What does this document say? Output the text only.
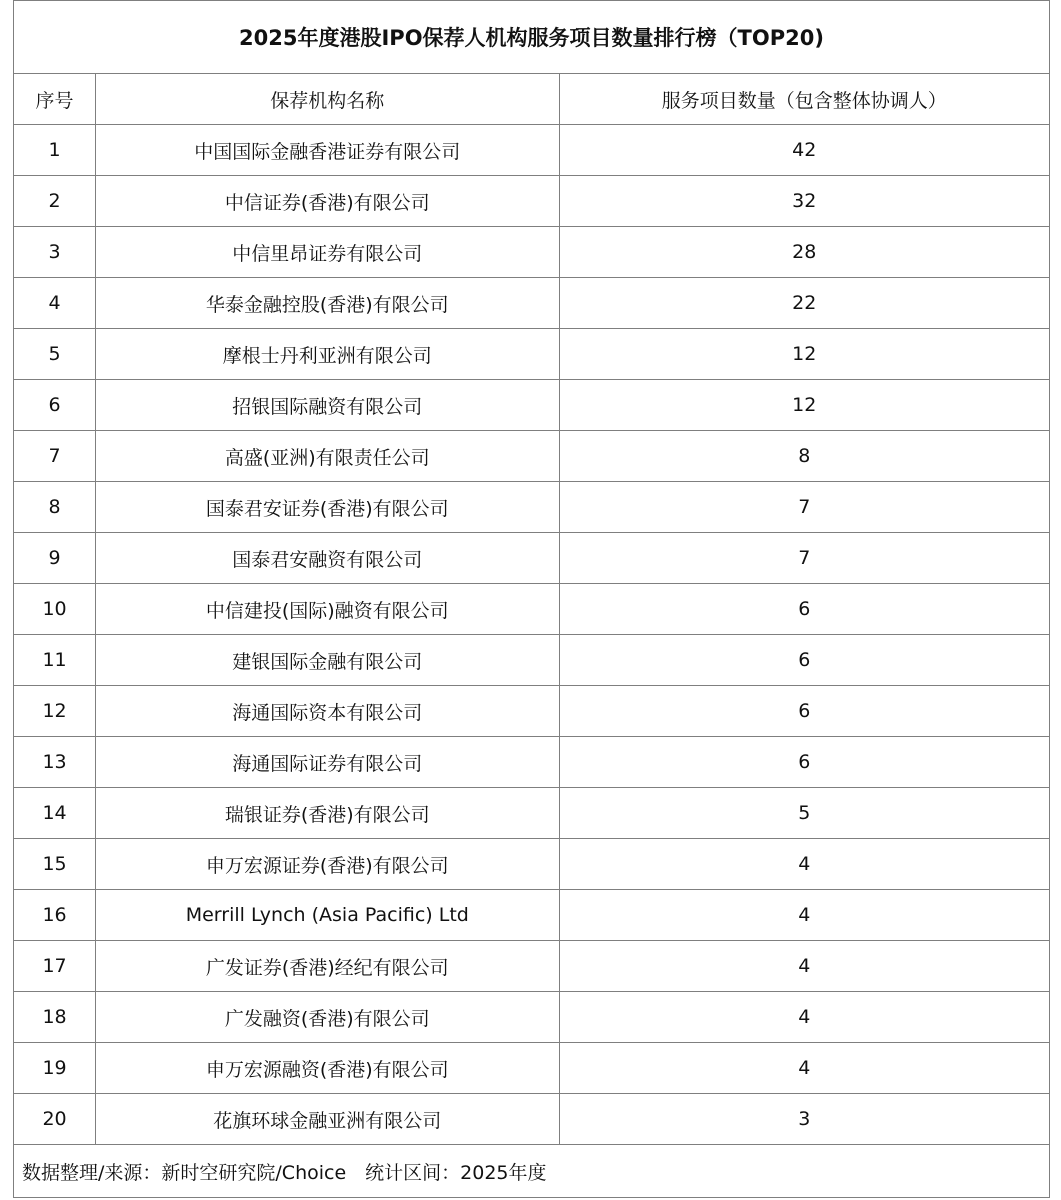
2025年度港股IPO保荐人机构服务项目数量排行榜（TOP20)		
序号	保荐机构名称	服务项目数量（包含整体协调人）
1	中国国际金融香港证券有限公司	42
2	中信证券(香港)有限公司	32
3	中信里昂证券有限公司	28
4	华泰金融控股(香港)有限公司	22
5	摩根士丹利亚洲有限公司	12
6	招银国际融资有限公司	12
7	高盛(亚洲)有限责任公司	8
8	国泰君安证券(香港)有限公司	7
9	国泰君安融资有限公司	7
10	中信建投(国际)融资有限公司	6
11	建银国际金融有限公司	6
12	海通国际资本有限公司	6
13	海通国际证券有限公司	6
14	瑞银证券(香港)有限公司	5
15	申万宏源证券(香港)有限公司	4
16	Merrill Lynch (Asia Pacific) Ltd	4
17	广发证券(香港)经纪有限公司	4
18	广发融资(香港)有限公司	4
19	申万宏源融资(香港)有限公司	4
20	花旗环球金融亚洲有限公司	3
数据整理/来源：新时空研究院/Choice　统计区间：2025年度		
